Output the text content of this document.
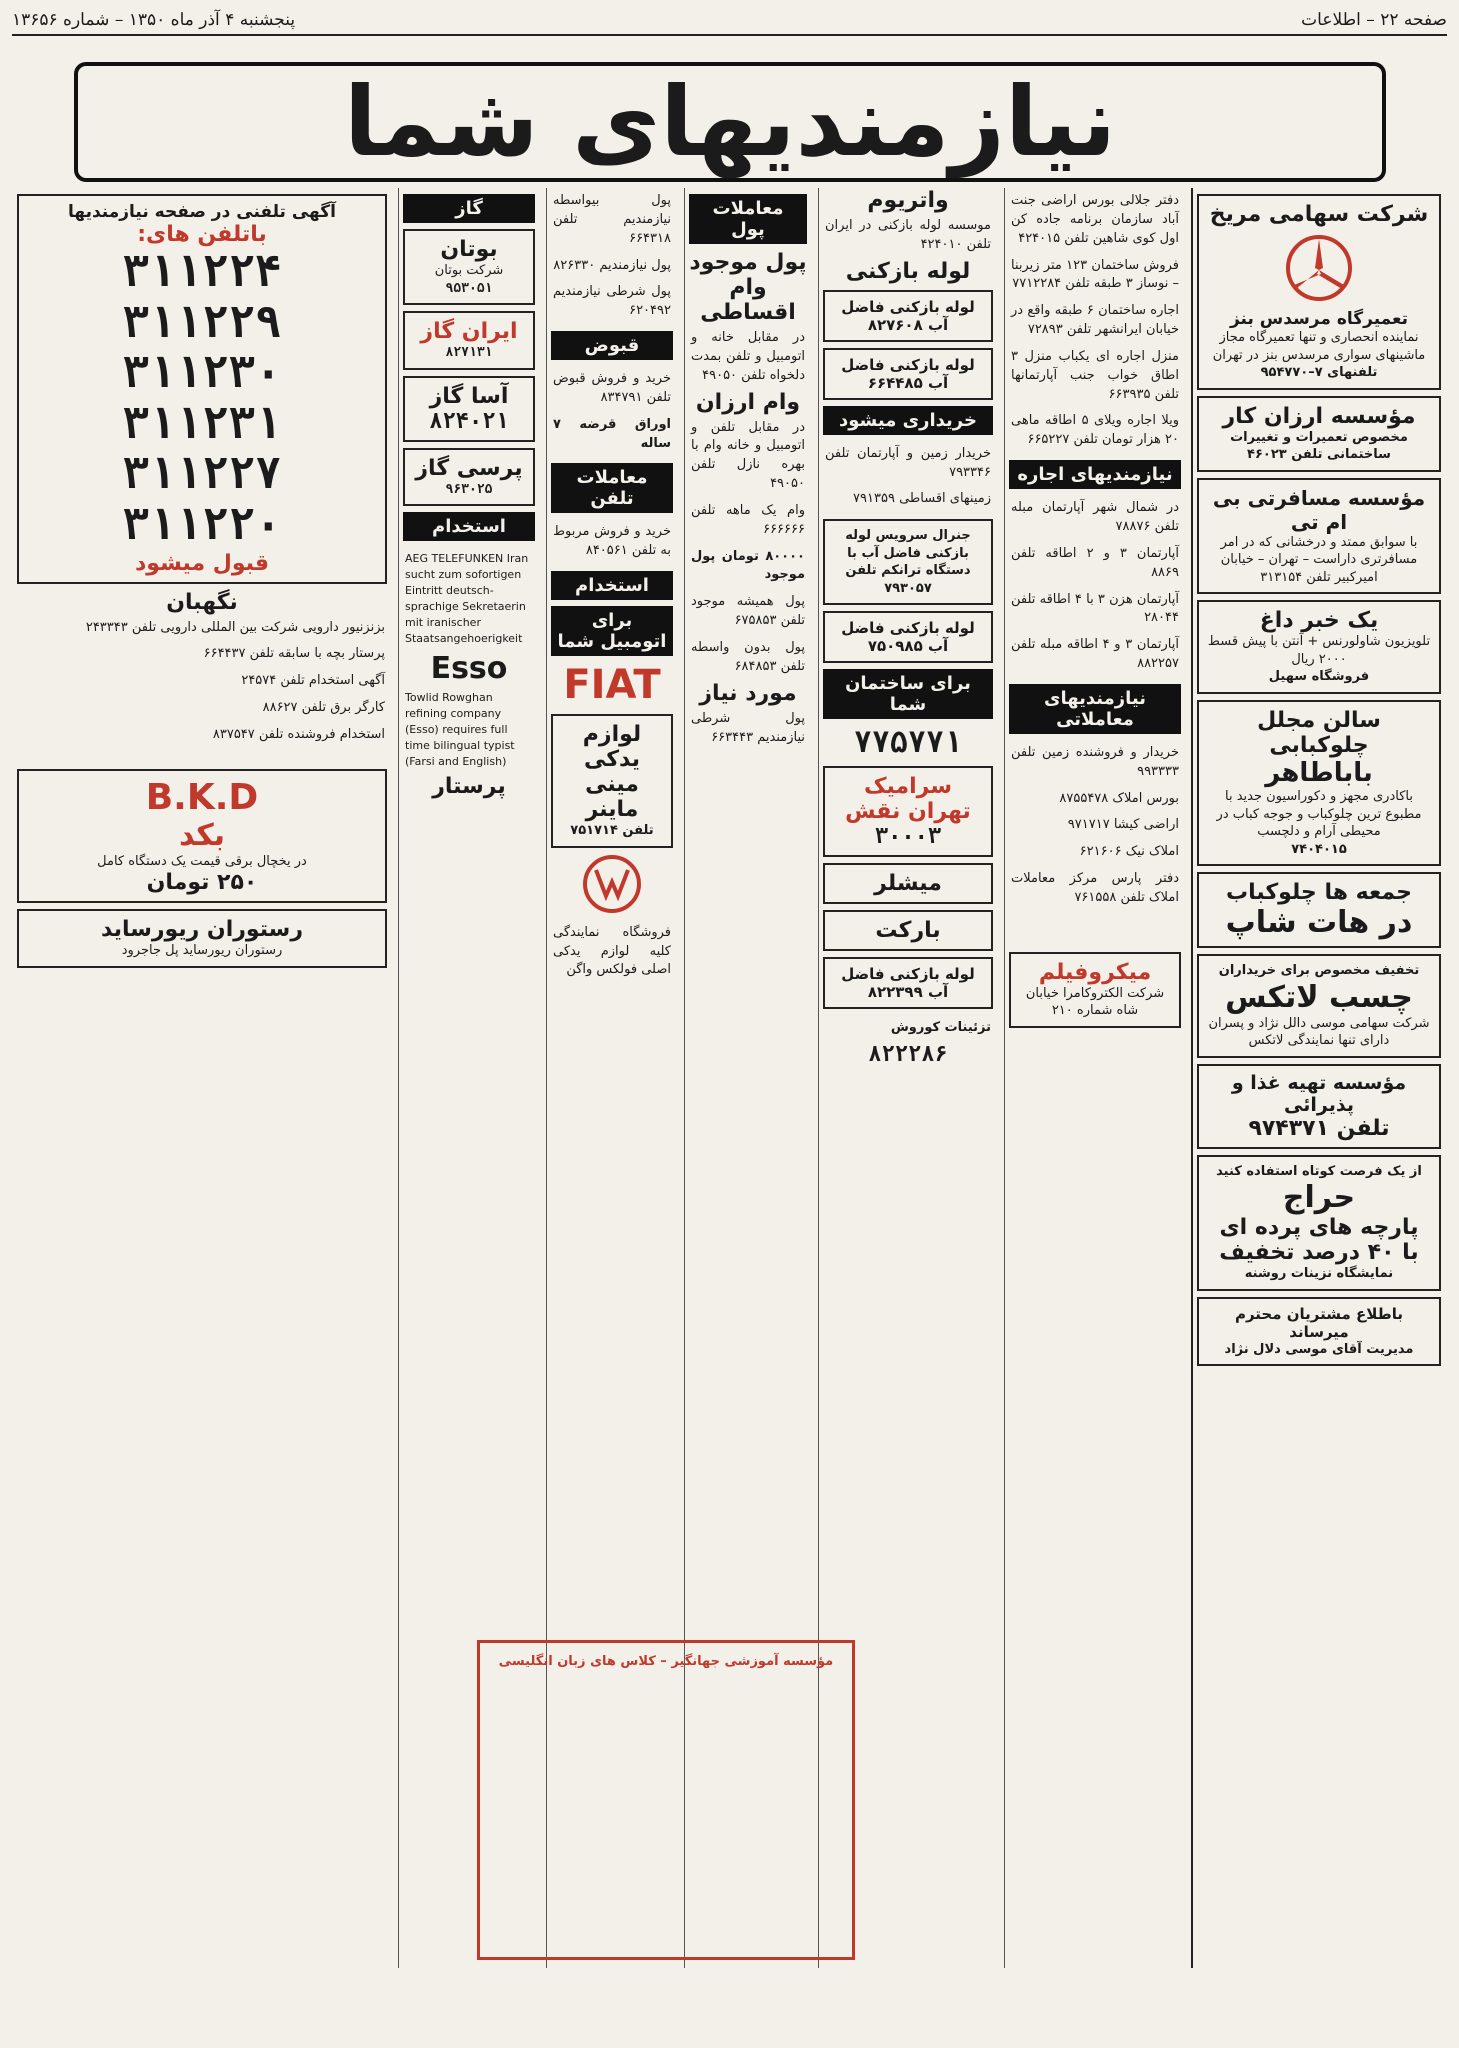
صفحه ۲۲ – اطلاعات
پنجشنبه ۴ آذر ماه ۱۳۵۰ – شماره ۱۳۶۵۶
نیازمندیهای شما
شرکت سهامی مریخ
تعمیرگاه مرسدس بنز
نماینده انحصاری و تنها تعمیرگاه مجاز ماشینهای سواری مرسدس بنز در تهران
تلفنهای ۷–۹۵۴۷۷۰
مؤسسه ارزان کار
مخصوص تعمیرات و تغییرات ساختمانی تلفن ۴۶۰۲۳
مؤسسه مسافرتی بی ام تی
با سوابق ممتد و درخشانی که در امر مسافرتری داراست – تهران – خیابان امیرکبیر تلفن ۳۱۳۱۵۴
یک خبر داغ
تلویزیون شاولورنس + آنتن با پیش قسط ۲۰۰۰ ریال
فروشگاه سهیل
سالن مجلل چلوکبابی
باباطاهر
باکادری مجهز و دکوراسیون جدید با مطبوع ترین چلوکباب و جوجه کباب در محیطی آرام و دلچسب
۷۴۰۴۰۱۵
جمعه ها چلوکباب
در هات شاپ
تخفیف مخصوص برای خریداران
چسب لاتکس
شرکت سهامی موسی دالل نژاد و پسران دارای تنها نمایندگی لاتکس
مؤسسه تهیه غذا و پذیرائی
تلفن ۹۷۴۳۷۱
از یک فرصت کوتاه استفاده کنید
حراج
پارچه های پرده ای
با ۴۰ درصد تخفیف
نمایشگاه نزینات روشنه
باطلاع مشتریان محترم میرساند
مدیریت آقای موسی دلال نژاد
دفتر جلالی بورس اراضی جنت آباد سازمان برنامه جاده کن اول کوی شاهین تلفن ۴۲۴۰۱۵
فروش ساختمان ۱۲۳ متر زیربنا – نوساز ۳ طبقه تلفن ۷۷۱۲۲۸۴
اجاره ساختمان ۶ طبقه واقع در خیابان ایرانشهر تلفن ۷۲۸۹۳
منزل اجاره ای یکباب منزل ۳ اطاق خواب جنب آپارتمانها تلفن ۶۶۳۹۳۵
ویلا اجاره ویلای ۵ اطاقه ماهی ۲۰ هزار تومان تلفن ۶۶۵۲۲۷
نیازمندیهای اجاره
در شمال شهر آپارتمان مبله تلفن ۷۸۸۷۶
آپارتمان ۳ و ۲ اطاقه تلفن ۸۸۶۹
آپارتمان هزن ۳ با ۴ اطاقه تلفن ۲۸۰۴۴
آپارتمان ۳ و ۴ اطاقه مبله تلفن ۸۸۲۲۵۷
نیازمندیهای معاملاتی
خریدار و فروشنده زمین تلفن ۹۹۳۳۳۳
بورس املاک ۸۷۵۵۴۷۸
اراضی کیشا ۹۷۱۷۱۷
املاک نیک ۶۲۱۶۰۶
دفتر پارس مرکز معاملات املاک تلفن ۷۶۱۵۵۸
میکروفیلم
شرکت الکتروکامرا خیابان شاه شماره ۲۱۰
واتریوم
موسسه لوله بازکنی در ایران تلفن ۴۲۴۰۱۰
لوله بازکنی
لوله بازکنی فاضل آب ۸۲۷۶۰۸
لوله بازکنی فاضل آب ۶۶۴۴۸۵
خریداری میشود
خریدار زمین و آپارتمان تلفن ۷۹۳۳۴۶
زمینهای اقساطی ۷۹۱۳۵۹
جنرال سرویس لوله بازکنی فاضل آب با دستگاه ترانکم تلفن ۷۹۳۰۵۷
لوله بازکنی فاضل آب ۷۵۰۹۸۵
برای ساختمان شما
۷۷۵۷۷۱
سرامیک تهران نقش
۳۰۰۰۳
میشلر
بارکت
لوله بازکنی فاضل آب ۸۲۲۳۹۹
تزئینات کوروش
۸۲۲۲۸۶
معاملات پول
پول موجود
وام اقساطی
در مقابل خانه و اتومبیل و تلفن بمدت دلخواه تلفن ۴۹۰۵۰
وام ارزان
در مقابل تلفن و اتومبیل و خانه وام با بهره نازل تلفن ۴۹۰۵۰
وام یک ماهه تلفن ۶۶۶۶۶۶
۸۰۰۰۰ تومان پول موجود
پول همیشه موجود تلفن ۶۷۵۸۵۳
پول بدون واسطه تلفن ۶۸۴۸۵۳
مورد نیاز
پول شرطی نیازمندیم ۶۶۳۴۴۳
پول بیواسطه نیازمندیم تلفن ۶۶۴۳۱۸
پول نیازمندیم ۸۲۶۳۳۰
پول شرطی نیازمندیم ۶۲۰۴۹۲
قبوض
خرید و فروش قبوض تلفن ۸۳۴۷۹۱
اوراق قرضه ۷ ساله
معاملات تلفن
خرید و فروش مربوط به تلفن ۸۴۰۵۶۱
استخدام
برای اتومبیل شما
FIAT
لوازم یدکی مینی ماینر
تلفن ۷۵۱۷۱۴
فروشگاه نمایندگی کلیه لوازم یدکی اصلی فولکس واگن
گاز
بوتان
شرکت بوتان
۹۵۳۰۵۱
ایران گاز
۸۲۷۱۳۱
آسا گاز
۸۲۴۰۲۱
پرسی گاز
۹۶۳۰۲۵
استخدام
AEG TELEFUNKEN Iran sucht zum sofortigen Eintritt deutsch-sprachige Sekretaerin mit iranischer Staatsangehoerigkeit
Esso
Towlid Rowghan refining company (Esso) requires full time bilingual typist (Farsi and English)
پرستار
آگهی تلفنی در صفحه نیازمندیها
باتلفن های:
۳۱۱۲۲۴
۳۱۱۲۲۹
۳۱۱۲۳۰
۳۱۱۲۳۱
۳۱۱۲۲۷
۳۱۱۲۲۰
قبول میشود
نگهبان
بزنزنیور دارویی شرکت بین المللی دارویی تلفن ۲۴۳۳۴۳
پرستار بچه با سابقه تلفن ۶۶۴۴۳۷
آگهی استخدام تلفن ۲۴۵۷۴
کارگر برق تلفن ۸۸۶۲۷
استخدام فروشنده تلفن ۸۳۷۵۴۷
B.K.D
بکد
در یخچال برقی قیمت یک دستگاه کامل
۲۵۰ تومان
رستوران ریورساید
رستوران ریورساید پل جاجرود
مؤسسه آموزشی جهانگیر – کلاس های زبان انگلیسی
